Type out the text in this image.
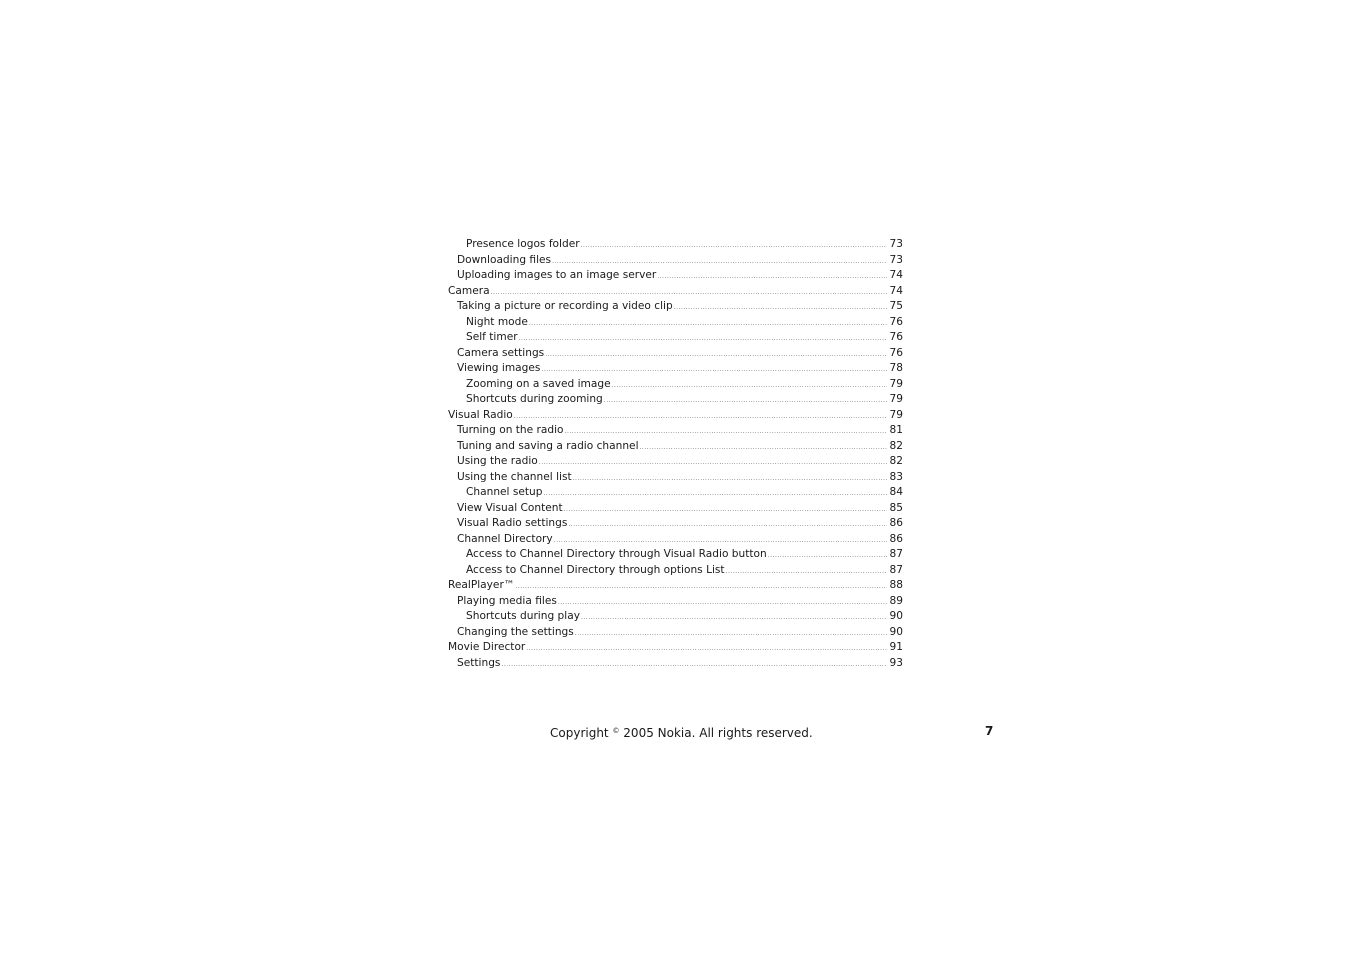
Presence logos folder .....	73
Downloading files .....	73
Uploading images to an image server .....	74
Camera .....	74
Taking a picture or recording a video clip .....	75
Night mode .....	76
Self timer .....	76
Camera settings .....	76
Viewing images .....	78
Zooming on a saved image .....	79
Shortcuts during zooming .....	79
Visual Radio .....	79
Turning on the radio .....	81
Tuning and saving a radio channel .....	82
Using the radio .....	82
Using the channel list .....	83
Channel setup .....	84
View Visual Content .....	85
Visual Radio settings .....	86
Channel Directory .....	86
Access to Channel Directory through Visual Radio button .....	87
Access to Channel Directory through options List .....	87
RealPlayer™ .....	88
Playing media files .....	89
Shortcuts during play .....	90
Changing the settings .....	90
Movie Director .....	91
Settings .....	93
Copyright © 2005 Nokia. All rights reserved.	7
